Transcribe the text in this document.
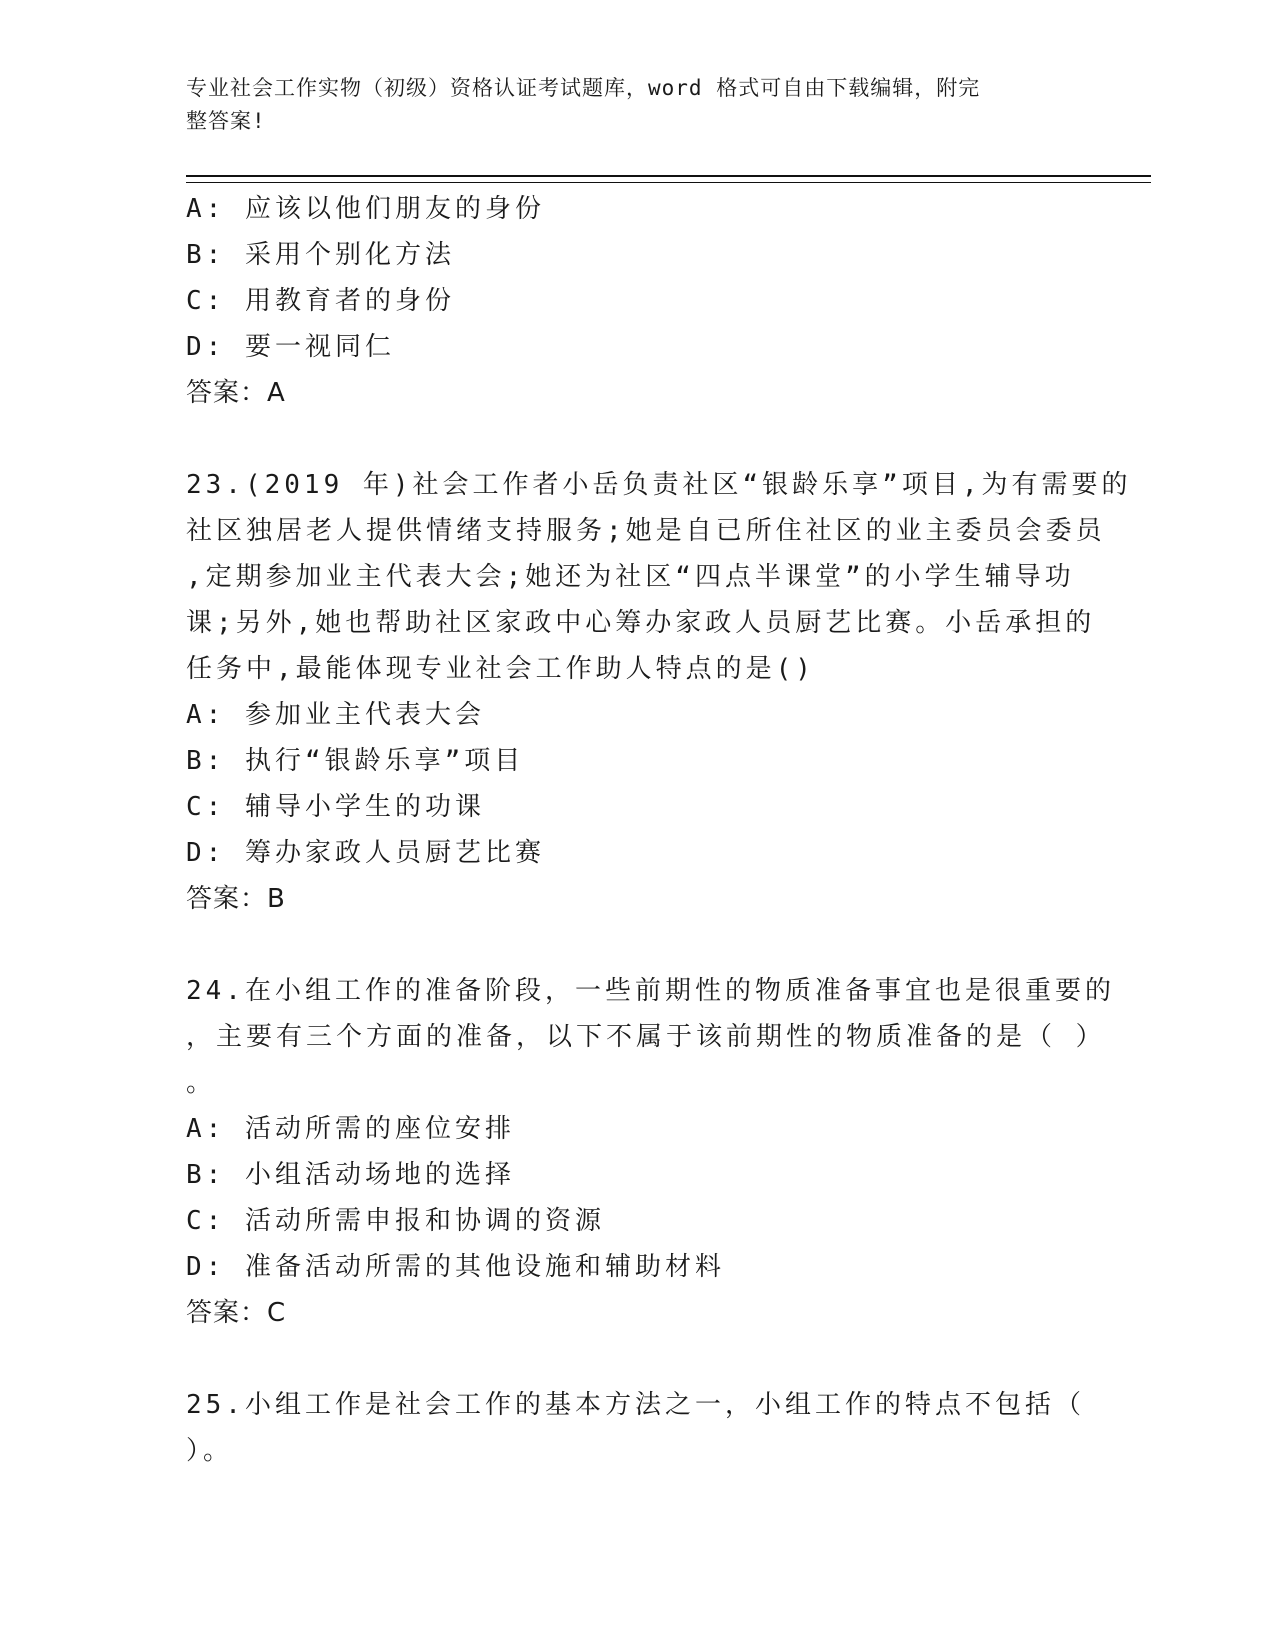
专业社会工作实物（初级）资格认证考试题库，word 格式可自由下载编辑，附完
整答案!
A: 应该以他们朋友的身份
B: 采用个别化方法
C: 用教育者的身份
D: 要一视同仁
答案：A
23.(2019 年)社会工作者小岳负责社区“银龄乐享”项目,为有需要的
社区独居老人提供情绪支持服务;她是自已所住社区的业主委员会委员
,定期参加业主代表大会;她还为社区“四点半课堂”的小学生辅导功
课;另外,她也帮助社区家政中心筹办家政人员厨艺比赛。小岳承担的
任务中,最能体现专业社会工作助人特点的是()
A: 参加业主代表大会
B: 执行“银龄乐享”项目
C: 辅导小学生的功课
D: 筹办家政人员厨艺比赛
答案：B
24.在小组工作的准备阶段，一些前期性的物质准备事宜也是很重要的
，主要有三个方面的准备，以下不属于该前期性的物质准备的是（ ）
。
A: 活动所需的座位安排
B: 小组活动场地的选择
C: 活动所需申报和协调的资源
D: 准备活动所需的其他设施和辅助材料
答案：C
25.小组工作是社会工作的基本方法之一，小组工作的特点不包括（
）。
